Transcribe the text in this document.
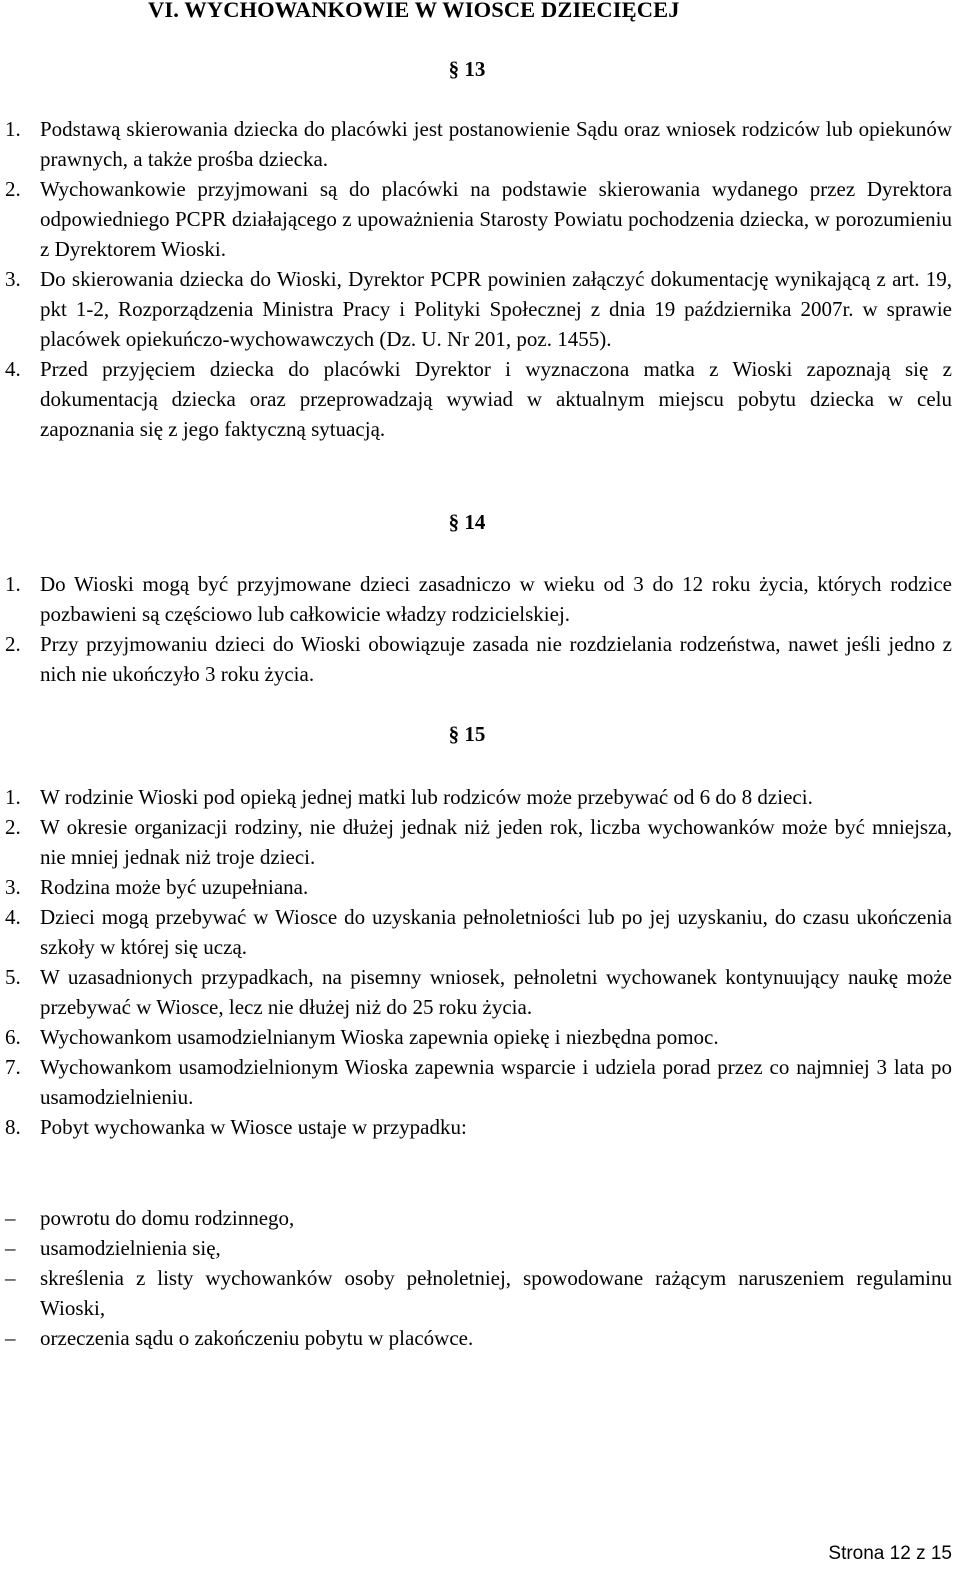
VI. WYCHOWANKOWIE W WIOSCE DZIECIĘCEJ
§ 13
1. Podstawą skierowania dziecka do placówki jest postanowienie Sądu oraz wniosek rodziców lub opiekunów prawnych, a także prośba dziecka.
2. Wychowankowie przyjmowani są do placówki na podstawie skierowania wydanego przez Dyrektora odpowiedniego PCPR działającego z upoważnienia Starosty Powiatu pochodzenia dziecka, w porozumieniu z Dyrektorem Wioski.
3. Do skierowania dziecka do Wioski, Dyrektor PCPR powinien załączyć dokumentację wynikającą z art. 19, pkt 1-2, Rozporządzenia Ministra Pracy i Polityki Społecznej z dnia 19 października 2007r. w sprawie placówek opiekuńczo-wychowawczych (Dz. U. Nr 201, poz. 1455).
4. Przed przyjęciem dziecka do placówki Dyrektor i wyznaczona matka z Wioski zapoznają się z dokumentacją dziecka oraz przeprowadzają wywiad w aktualnym miejscu pobytu dziecka w celu zapoznania się z jego faktyczną sytuacją.
§ 14
1. Do Wioski mogą być przyjmowane dzieci zasadniczo w wieku od 3 do 12 roku życia, których rodzice pozbawieni są częściowo lub całkowicie władzy rodzicielskiej.
2. Przy przyjmowaniu dzieci do Wioski obowiązuje zasada nie rozdzielania rodzeństwa, nawet jeśli jedno z nich nie ukończyło 3 roku życia.
§ 15
1. W rodzinie Wioski pod opieką jednej matki lub rodziców może przebywać od 6 do 8 dzieci.
2. W okresie organizacji rodziny, nie dłużej jednak niż jeden rok, liczba wychowanków może być mniejsza, nie mniej jednak niż troje dzieci.
3. Rodzina może być uzupełniana.
4. Dzieci mogą przebywać w Wiosce do uzyskania pełnoletniości lub po jej uzyskaniu, do czasu ukończenia szkoły w której się uczą.
5. W uzasadnionych przypadkach, na pisemny wniosek, pełnoletni wychowanek kontynuujący naukę może przebywać w Wiosce, lecz nie dłużej niż do 25 roku życia.
6. Wychowankom usamodzielnianym Wioska zapewnia opiekę i niezbędna pomoc.
7. Wychowankom usamodzielnionym Wioska zapewnia wsparcie i udziela porad przez co najmniej 3 lata po usamodzielnieniu.
8. Pobyt wychowanka w Wiosce ustaje w przypadku:
– powrotu do domu rodzinnego,
– usamodzielnienia się,
– skreślenia z listy wychowanków osoby pełnoletniej, spowodowane rażącym naruszeniem regulaminu Wioski,
– orzeczenia sądu o zakończeniu pobytu w placówce.
Strona 12 z 15
